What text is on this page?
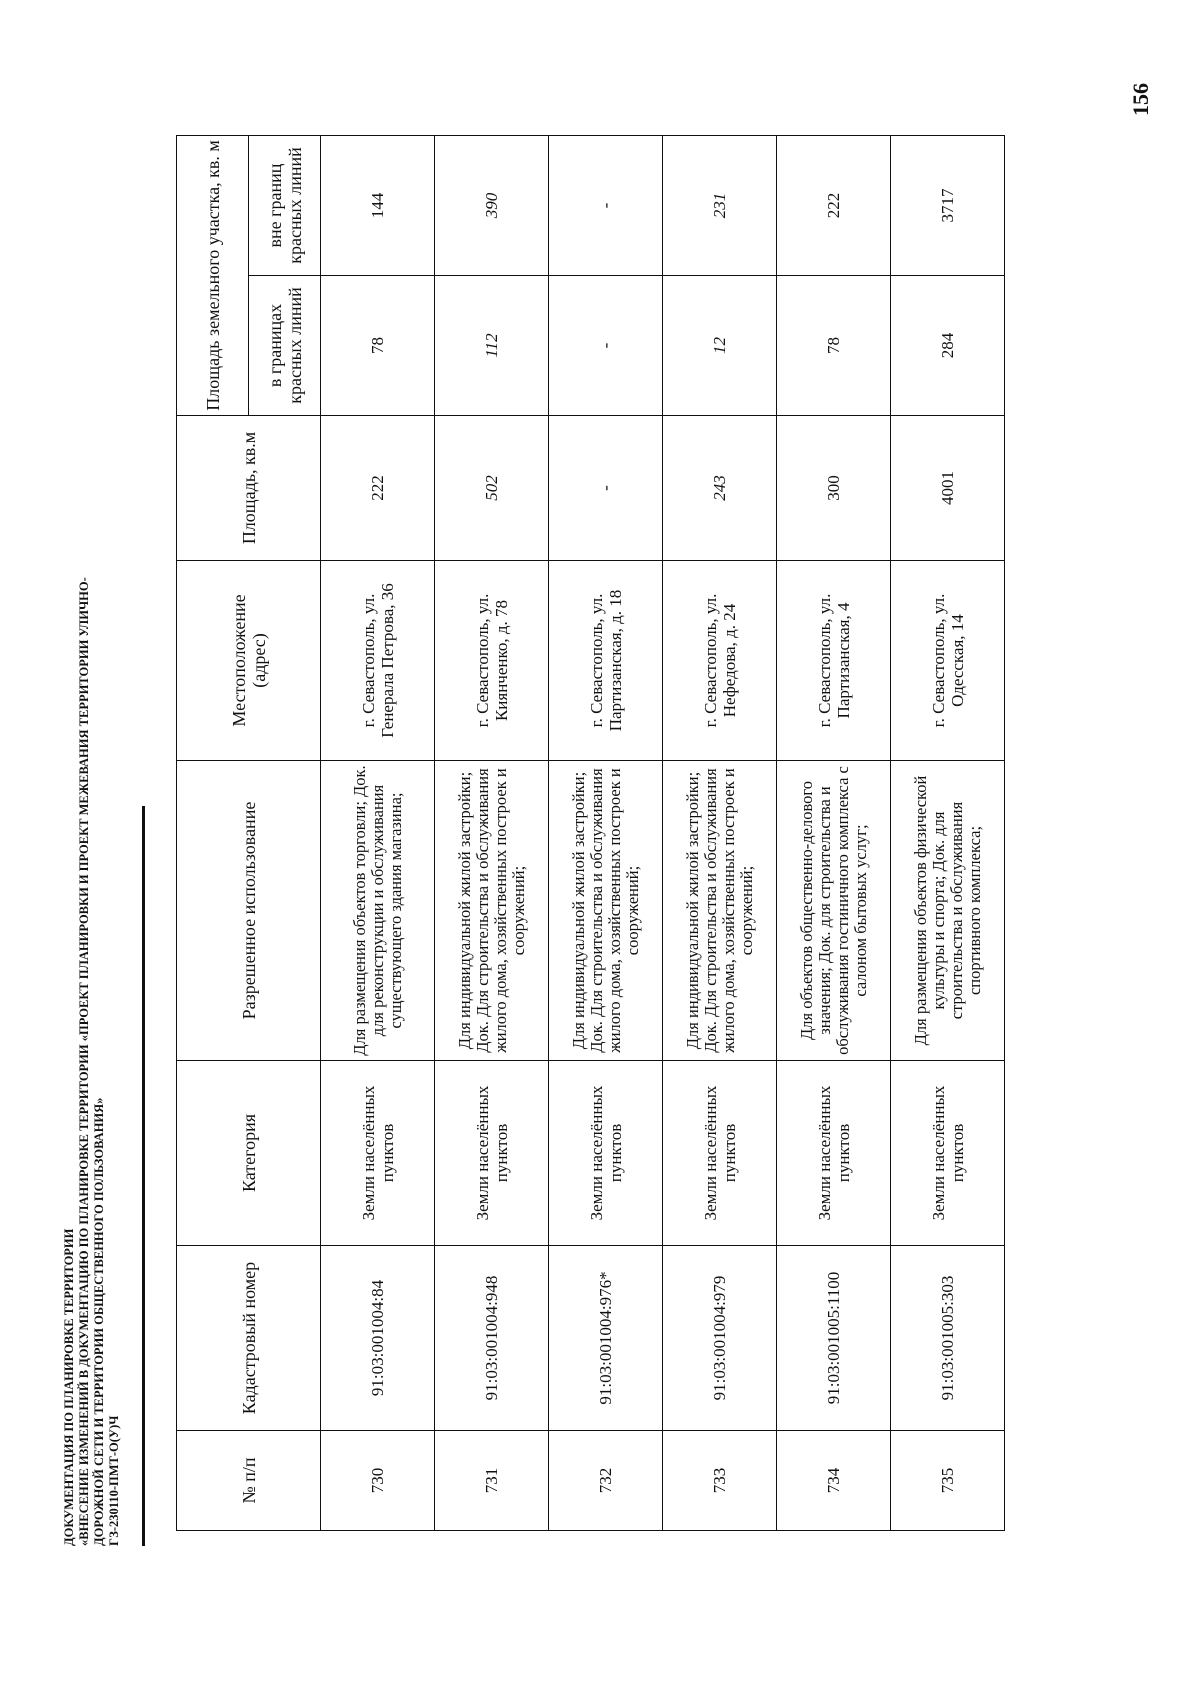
ДОКУМЕНТАЦИЯ ПО ПЛАНИРОВКЕ ТЕРРИТОРИИ «ВНЕСЕНИЕ ИЗМЕНЕНИЙ В ДОКУМЕНТАЦИЮ ПО ПЛАНИРОВКЕ ТЕРРИТОРИИ «ПРОЕКТ ПЛАНИРОВКИ И ПРОЕКТ МЕЖЕВАНИЯ ТЕРРИТОРИИ УЛИЧНО- ДОРОЖНОЙ СЕТИ И ТЕРРИТОРИИ ОБЩЕСТВЕННОГО ПОЛЬЗОВАНИЯ» ГЗ-230110-ПМТ-О(У)Ч
156
№ п/п	Кадастровый номер	Категория	Разрешенное использование	Местоположение (адрес)	Площадь, кв.м	Площадь земельного участка, кв. м	
						в границах красных линий	вне границ красных линий
730	91:03:001004:84	Земли населённых пунктов	Для размещения объектов торговли; Док. для реконструкции и обслуживания существующего здания магазина;	г. Севастополь, ул. Генерала Петрова, 36	222	78	144
731	91:03:001004:948	Земли населённых пунктов	Для индивидуальной жилой застройки; Док. Для строительства и обслуживания жилого дома, хозяйственных построек и сооружений;	г. Севастополь, ул. Киянченко, д. 78	502	112	390
732	91:03:001004:976*	Земли населённых пунктов	Для индивидуальной жилой застройки; Док. Для строительства и обслуживания жилого дома, хозяйственных построек и сооружений;	г. Севастополь, ул. Партизанская, д. 18	-	-	-
733	91:03:001004:979	Земли населённых пунктов	Для индивидуальной жилой застройки; Док. Для строительства и обслуживания жилого дома, хозяйственных построек и сооружений;	г. Севастополь, ул. Нефедова, д. 24	243	12	231
734	91:03:001005:1100	Земли населённых пунктов	Для объектов общественно-делового значения; Док. для строительства и обслуживания гостиничного комплекса с салоном бытовых услуг;	г. Севастополь, ул. Партизанская, 4	300	78	222
735	91:03:001005:303	Земли населённых пунктов	Для размещения объектов физической культуры и спорта; Док. для строительства и обслуживания спортивного комплекса;	г. Севастополь, ул. Одесская, 14	4001	284	3717
